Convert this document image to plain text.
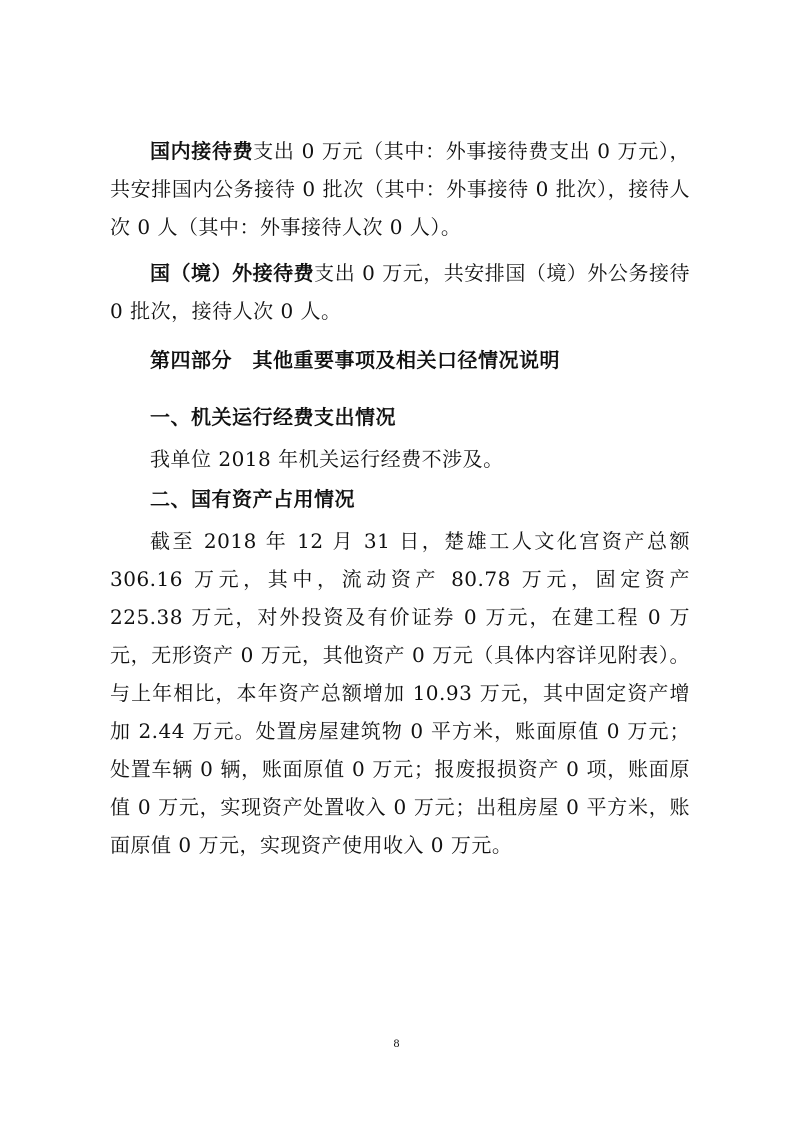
国内接待费支出 0 万元（其中：外事接待费支出 0 万元），共安排国内公务接待 0 批次（其中：外事接待 0 批次），接待人次 0 人（其中：外事接待人次 0 人）。
国（境）外接待费支出 0 万元，共安排国（境）外公务接待 0 批次，接待人次 0 人。
第四部分　其他重要事项及相关口径情况说明
一、机关运行经费支出情况
我单位 2018 年机关运行经费不涉及。
二、国有资产占用情况
截至 2018 年 12 月 31 日，楚雄工人文化宫资产总额 306.16 万元，其中，流动资产 80.78 万元，固定资产 225.38 万元，对外投资及有价证券 0 万元，在建工程 0 万元，无形资产 0 万元，其他资产 0 万元（具体内容详见附表）。与上年相比，本年资产总额增加 10.93 万元，其中固定资产增加 2.44 万元。处置房屋建筑物 0 平方米，账面原值 0 万元；处置车辆 0 辆，账面原值 0 万元；报废报损资产 0 项，账面原值 0 万元，实现资产处置收入 0 万元；出租房屋 0 平方米，账面原值 0 万元，实现资产使用收入 0 万元。
8
